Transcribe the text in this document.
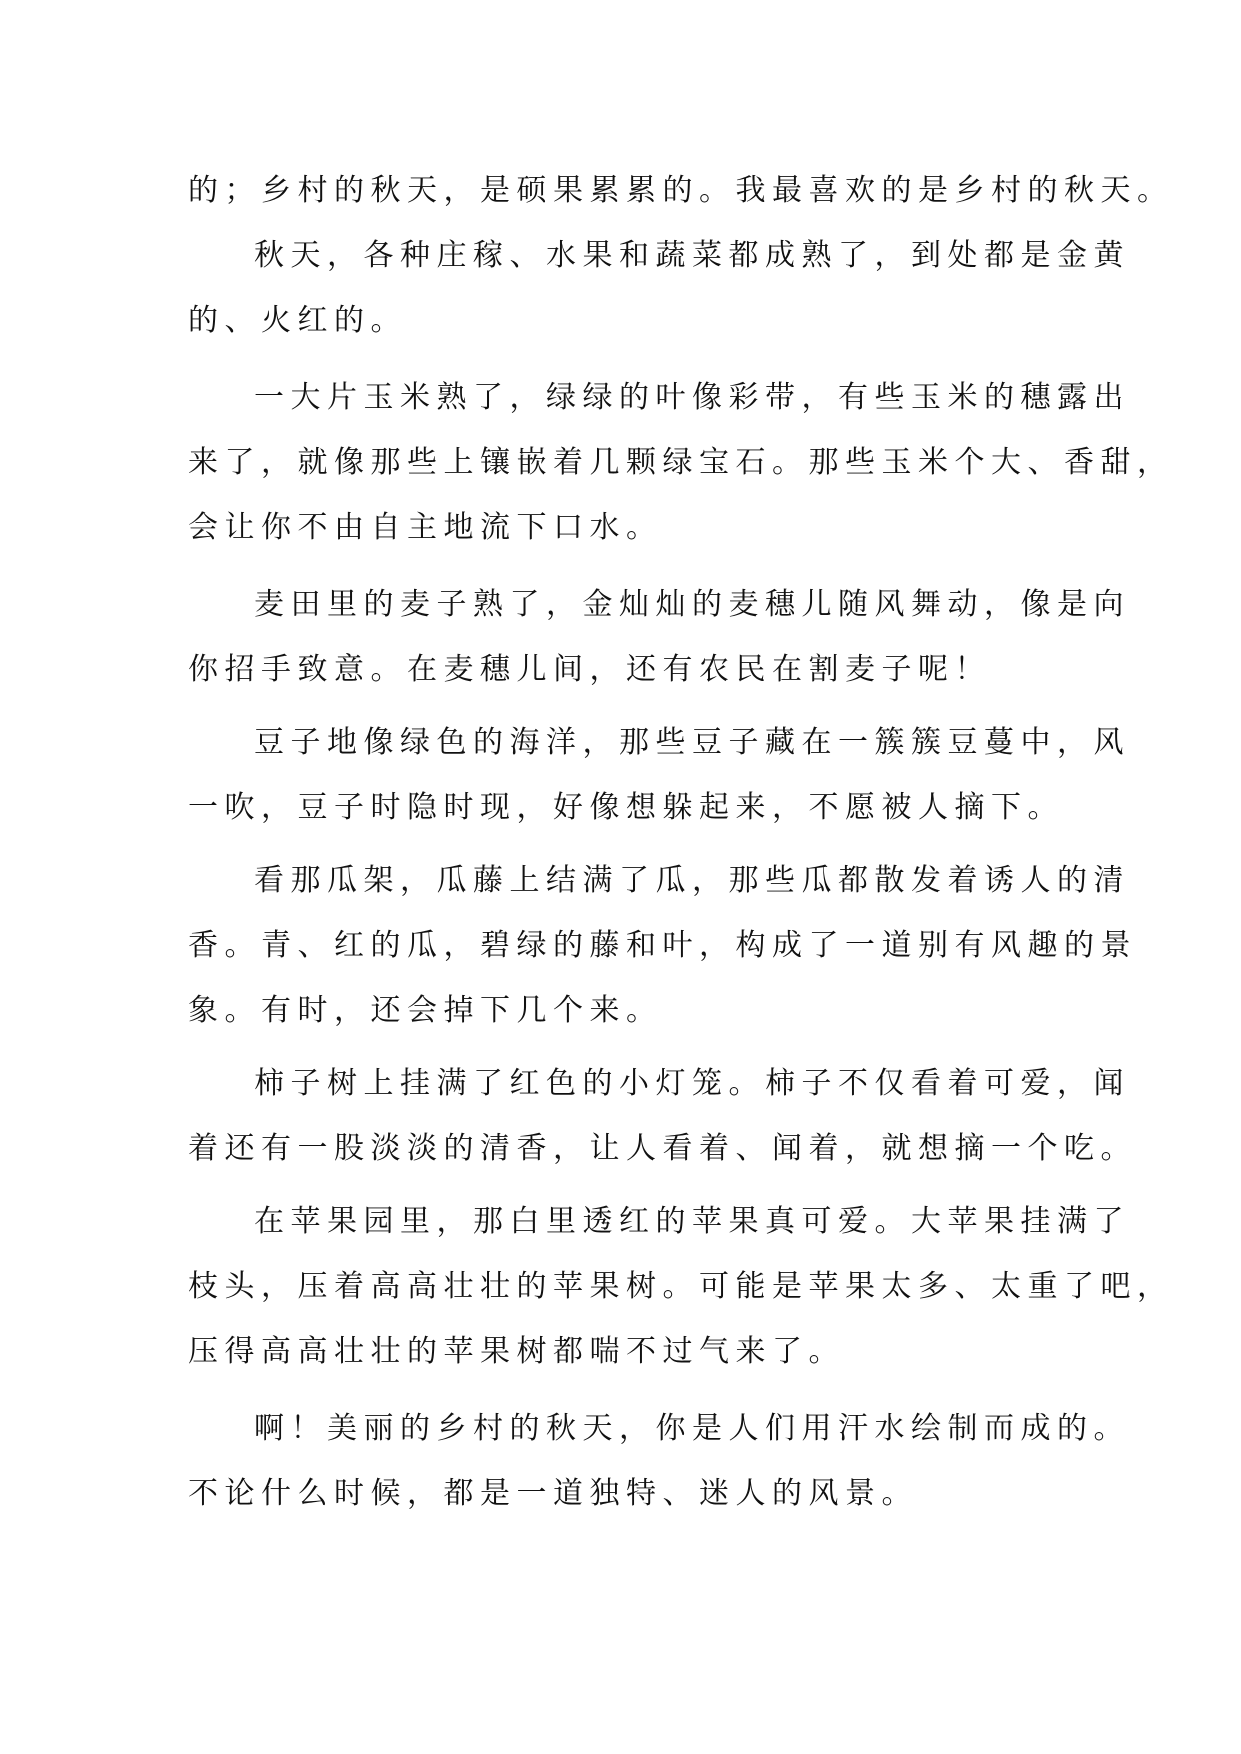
的；乡村的秋天，是硕果累累的。我最喜欢的是乡村的秋天。
秋天，各种庄稼、水果和蔬菜都成熟了，到处都是金黄
的、火红的。
一大片玉米熟了，绿绿的叶像彩带，有些玉米的穗露出
来了，就像那些上镶嵌着几颗绿宝石。那些玉米个大、香甜，
会让你不由自主地流下口水。
麦田里的麦子熟了，金灿灿的麦穗儿随风舞动，像是向
你招手致意。在麦穗儿间，还有农民在割麦子呢！
豆子地像绿色的海洋，那些豆子藏在一簇簇豆蔓中，风
一吹，豆子时隐时现，好像想躲起来，不愿被人摘下。
看那瓜架，瓜藤上结满了瓜，那些瓜都散发着诱人的清
香。青、红的瓜，碧绿的藤和叶，构成了一道别有风趣的景
象。有时，还会掉下几个来。
柿子树上挂满了红色的小灯笼。柿子不仅看着可爱，闻
着还有一股淡淡的清香，让人看着、闻着，就想摘一个吃。
在苹果园里，那白里透红的苹果真可爱。大苹果挂满了
枝头，压着高高壮壮的苹果树。可能是苹果太多、太重了吧，
压得高高壮壮的苹果树都喘不过气来了。
啊！美丽的乡村的秋天，你是人们用汗水绘制而成的。
不论什么时候，都是一道独特、迷人的风景。
